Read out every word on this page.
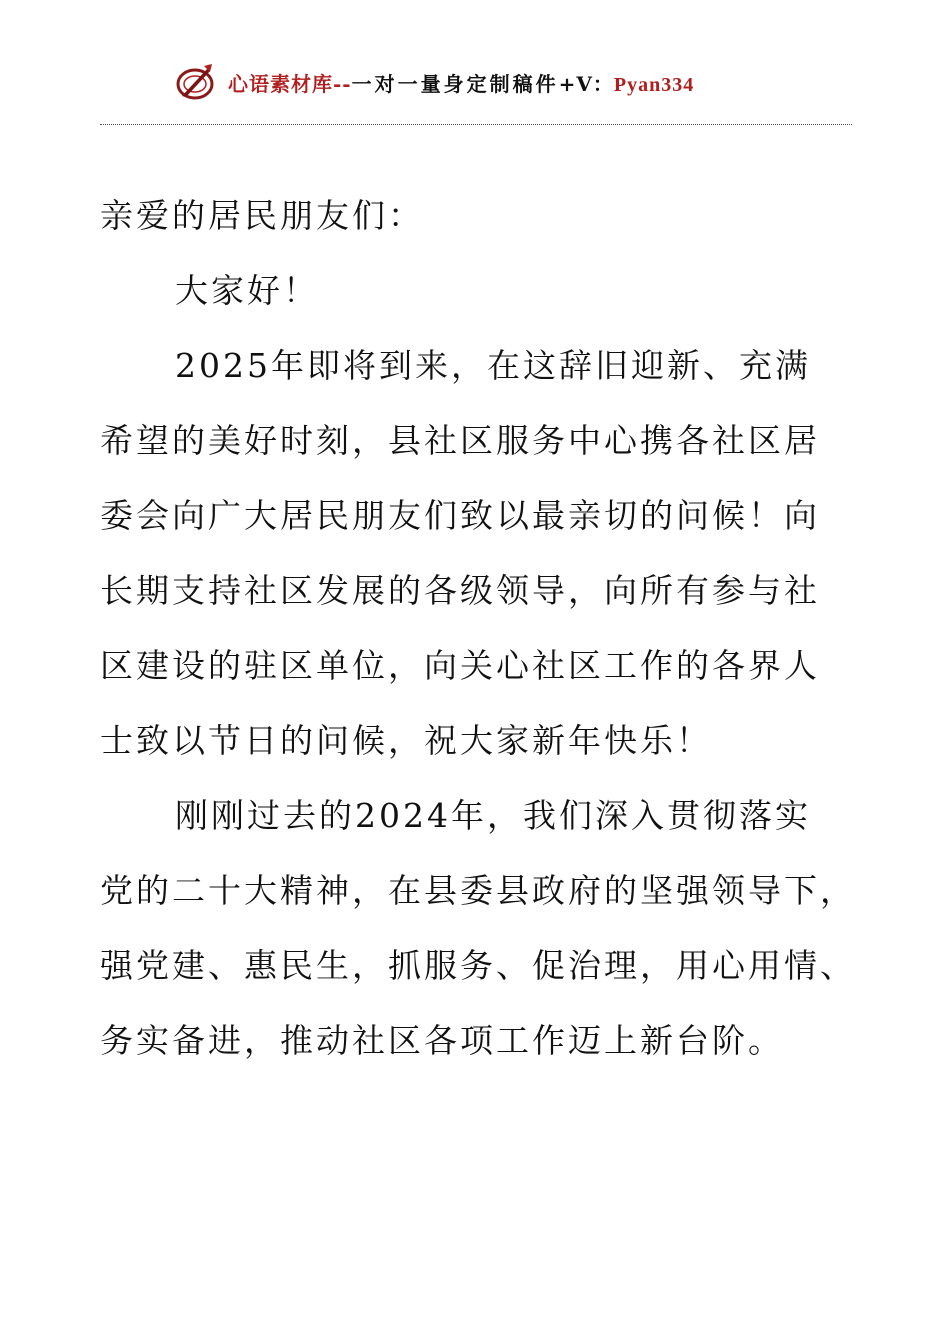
心语素材库--一对一量身定制稿件+V：Pyan334

亲爱的居民朋友们：

大家好！

2025年即将到来，在这辞旧迎新、充满

希望的美好时刻，县社区服务中心携各社区居

委会向广大居民朋友们致以最亲切的问候！向

长期支持社区发展的各级领导，向所有参与社

区建设的驻区单位，向关心社区工作的各界人

士致以节日的问候，祝大家新年快乐！

刚刚过去的2024年，我们深入贯彻落实

党的二十大精神，在县委县政府的坚强领导下，

强党建、惠民生，抓服务、促治理，用心用情、

务实备进，推动社区各项工作迈上新台阶。
